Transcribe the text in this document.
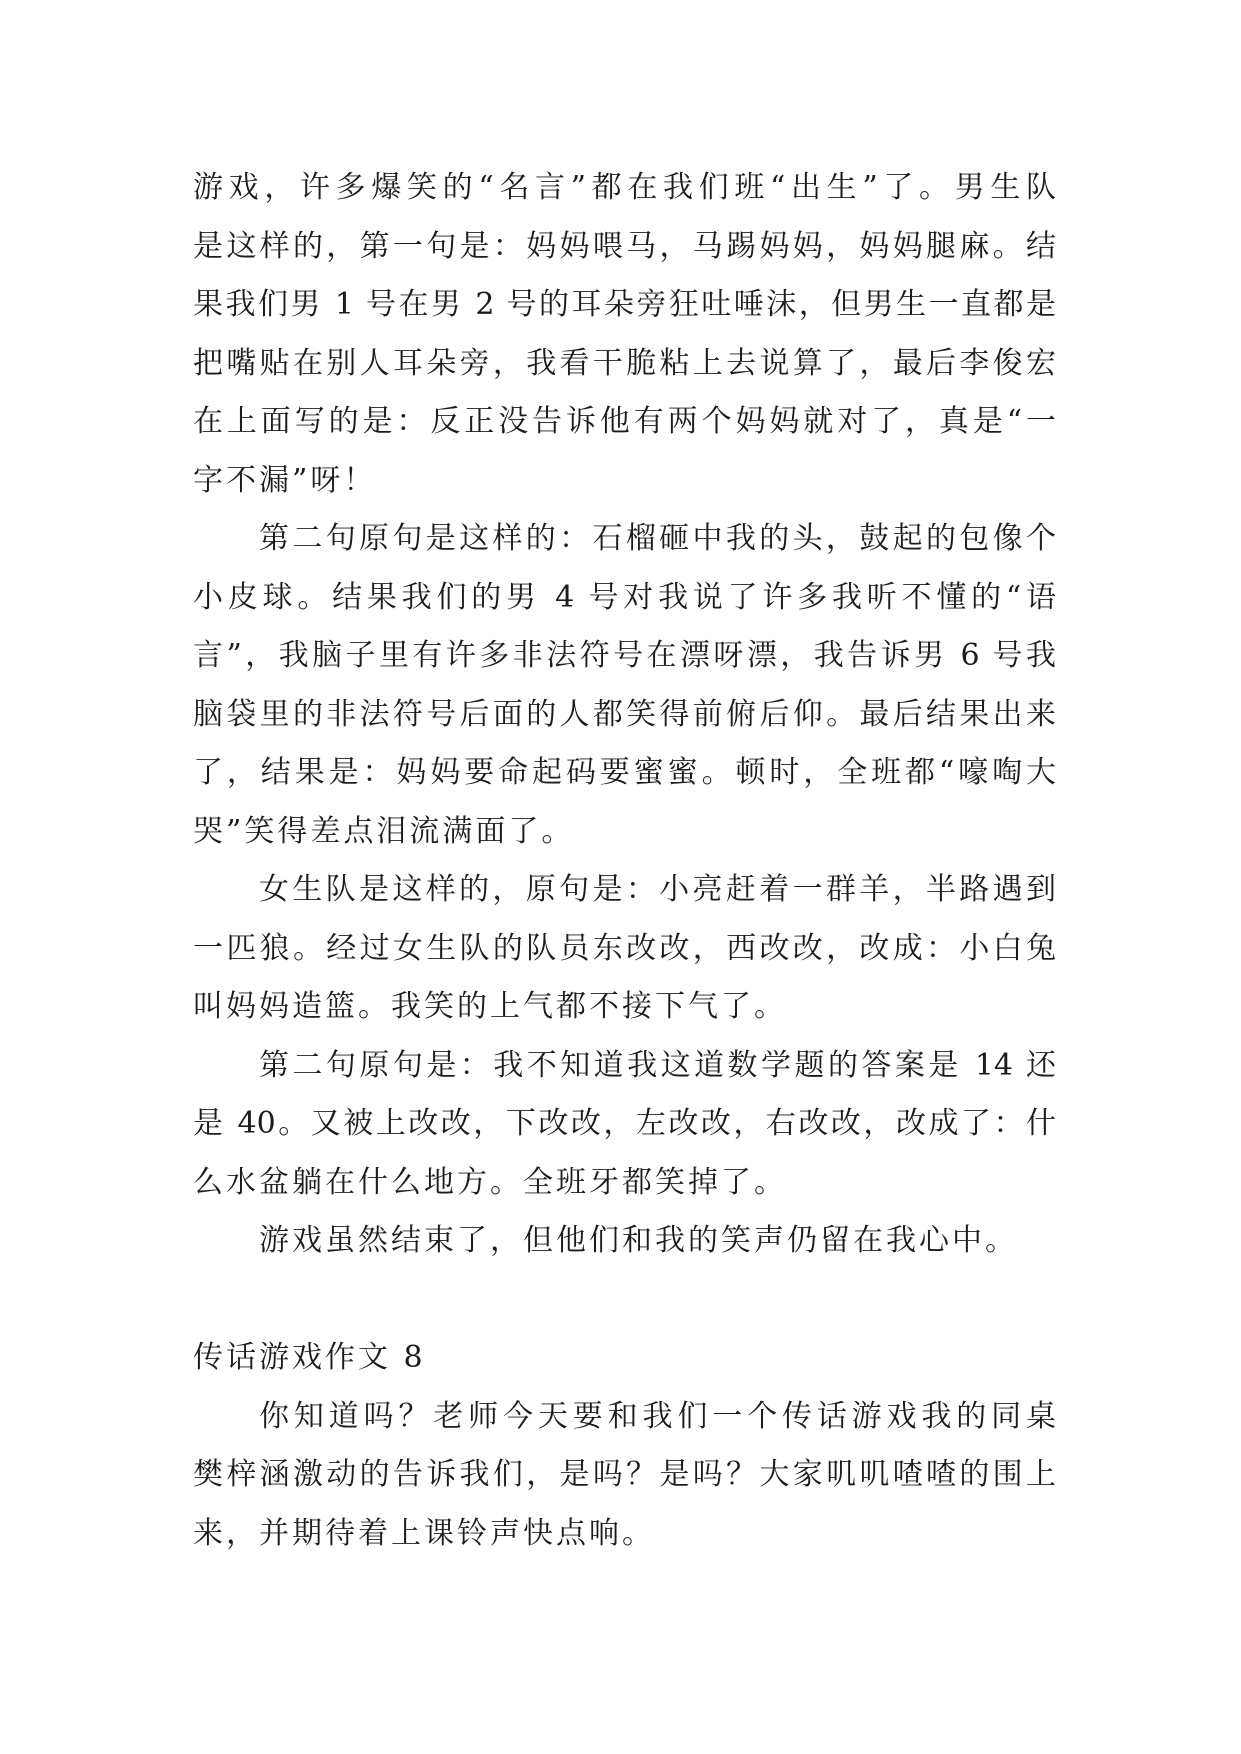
游戏，许多爆笑的“名言”都在我们班“出生”了。男生队
是这样的，第一句是：妈妈喂马，马踢妈妈，妈妈腿麻。结
果我们男 1 号在男 2 号的耳朵旁狂吐唾沫，但男生一直都是
把嘴贴在别人耳朵旁，我看干脆粘上去说算了，最后李俊宏
在上面写的是：反正没告诉他有两个妈妈就对了，真是“一
字不漏”呀！
第二句原句是这样的：石榴砸中我的头，鼓起的包像个
小皮球。结果我们的男 4 号对我说了许多我听不懂的“语
言”，我脑子里有许多非法符号在漂呀漂，我告诉男 6 号我
脑袋里的非法符号后面的人都笑得前俯后仰。最后结果出来
了，结果是：妈妈要命起码要蜜蜜。顿时，全班都“嚎啕大
哭”笑得差点泪流满面了。
女生队是这样的，原句是：小亮赶着一群羊，半路遇到
一匹狼。经过女生队的队员东改改，西改改，改成：小白兔
叫妈妈造篮。我笑的上气都不接下气了。
第二句原句是：我不知道我这道数学题的答案是 14 还
是 40。又被上改改，下改改，左改改，右改改，改成了：什
么水盆躺在什么地方。全班牙都笑掉了。
游戏虽然结束了，但他们和我的笑声仍留在我心中。
传话游戏作文 8
你知道吗？老师今天要和我们一个传话游戏我的同桌
樊梓涵激动的告诉我们，是吗？是吗？大家叽叽喳喳的围上
来，并期待着上课铃声快点响。
